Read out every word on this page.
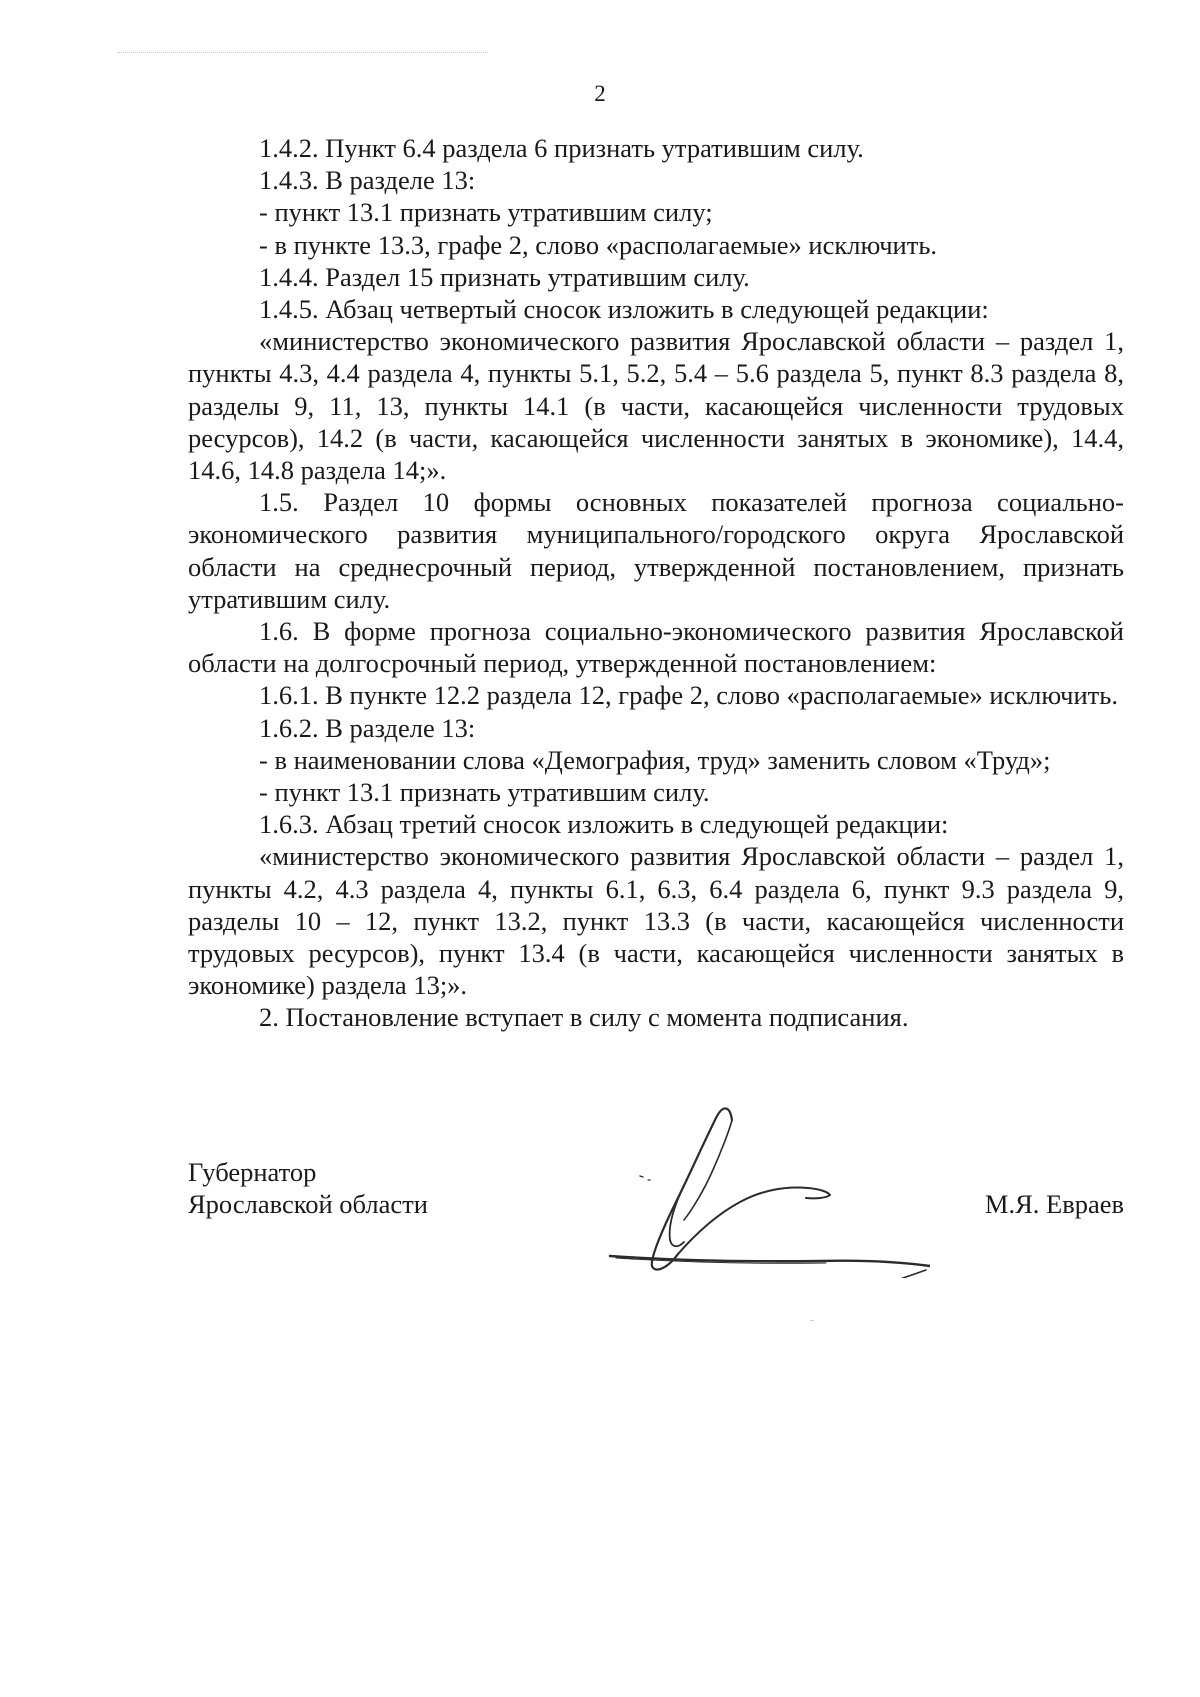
2

1.4.2. Пункт 6.4 раздела 6 признать утратившим силу.

1.4.3. В разделе 13:

- пункт 13.1 признать утратившим силу;

- в пункте 13.3, графе 2, слово «располагаемые» исключить.

1.4.4. Раздел 15 признать утратившим силу.

1.4.5. Абзац четвертый сносок изложить в следующей редакции:

«министерство экономического развития Ярославской области – раздел 1, пункты 4.3, 4.4 раздела 4, пункты 5.1, 5.2, 5.4 – 5.6 раздела 5, пункт 8.3 раздела 8, разделы 9, 11, 13, пункты 14.1 (в части, касающейся численности трудовых ресурсов), 14.2 (в части, касающейся численности занятых в экономике), 14.4, 14.6, 14.8 раздела 14;».

1.5. Раздел 10 формы основных показателей прогноза социально-экономического развития муниципального/городского округа Ярославской области на среднесрочный период, утвержденной постановлением, признать утратившим силу.

1.6. В форме прогноза социально-экономического развития Ярославской области на долгосрочный период, утвержденной постановлением:

1.6.1. В пункте 12.2 раздела 12, графе 2, слово «располагаемые» исключить.

1.6.2. В разделе 13:

- в наименовании слова «Демография, труд» заменить словом «Труд»;

- пункт 13.1 признать утратившим силу.

1.6.3. Абзац третий сносок изложить в следующей редакции:

«министерство экономического развития Ярославской области – раздел 1, пункты 4.2, 4.3 раздела 4, пункты 6.1, 6.3, 6.4 раздела 6, пункт 9.3 раздела 9, разделы 10 – 12, пункт 13.2, пункт 13.3 (в части, касающейся численности трудовых ресурсов), пункт 13.4 (в части, касающейся численности занятых в экономике) раздела 13;».

2. Постановление вступает в силу с момента подписания.

Губернатор
Ярославской области	М.Я. Евраев
